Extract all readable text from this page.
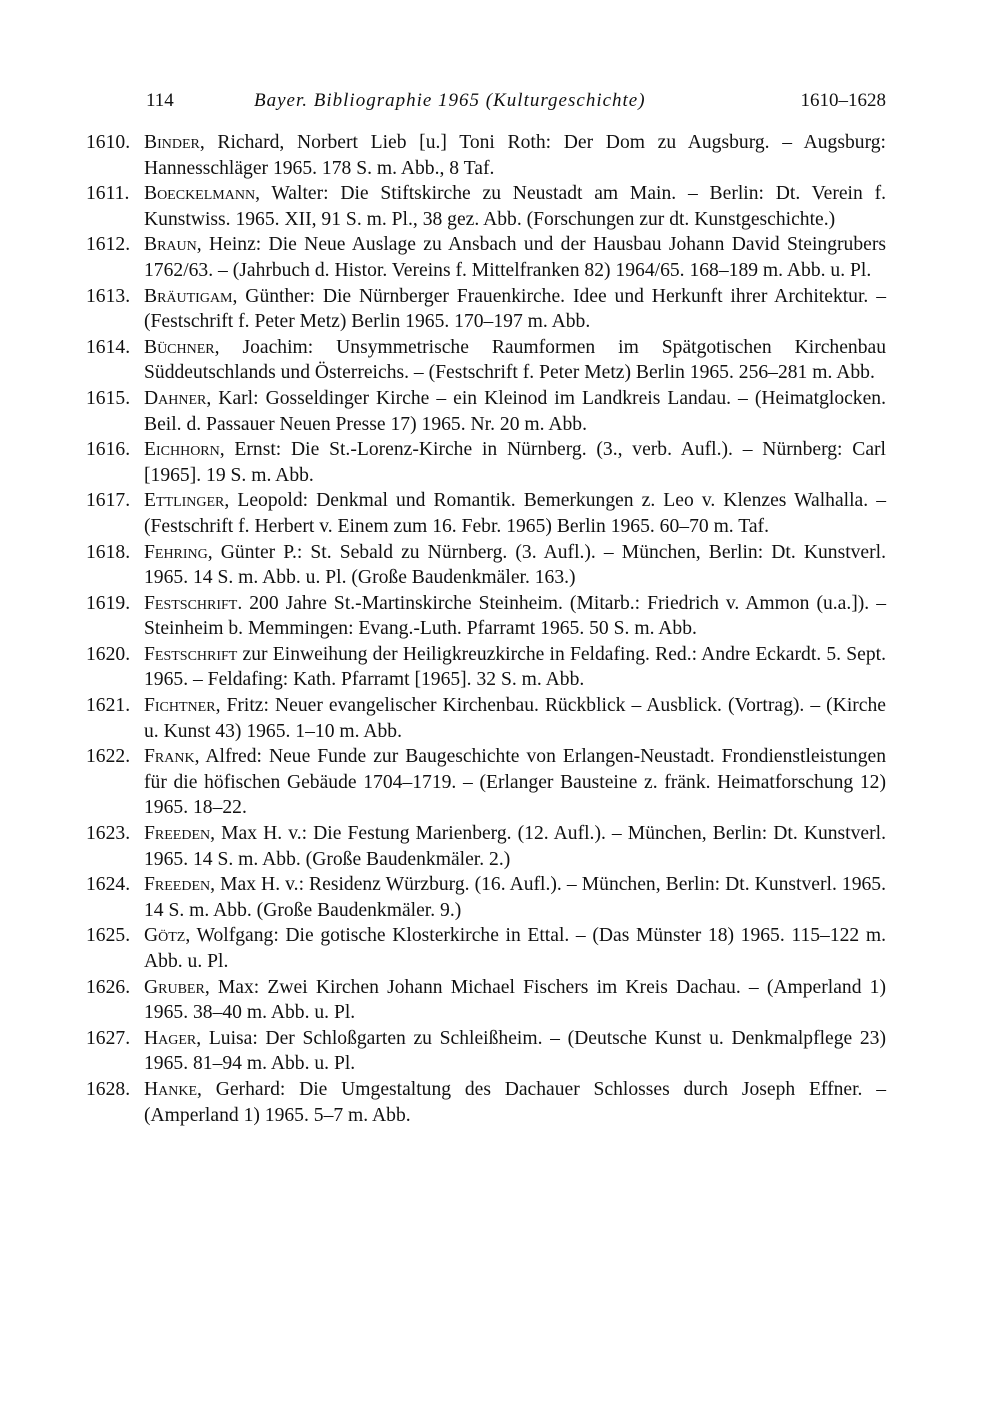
114	Bayer. Bibliographie 1965 (Kulturgeschichte)	1610–1628

1610. Binder, Richard, Norbert Lieb [u.] Toni Roth: Der Dom zu Augsburg. – Augsburg: Hannesschläger 1965. 178 S. m. Abb., 8 Taf.

1611. Boeckelmann, Walter: Die Stiftskirche zu Neustadt am Main. – Berlin: Dt. Verein f. Kunstwiss. 1965. XII, 91 S. m. Pl., 38 gez. Abb. (Forschungen zur dt. Kunstgeschichte.)

1612. Braun, Heinz: Die Neue Auslage zu Ansbach und der Hausbau Johann David Steingrubers 1762/63. – (Jahrbuch d. Histor. Vereins f. Mittelfranken 82) 1964/65. 168–189 m. Abb. u. Pl.

1613. Bräutigam, Günther: Die Nürnberger Frauenkirche. Idee und Herkunft ihrer Architektur. – (Festschrift f. Peter Metz) Berlin 1965. 170–197 m. Abb.

1614. Büchner, Joachim: Unsymmetrische Raumformen im Spätgotischen Kirchenbau Süddeutschlands und Österreichs. – (Festschrift f. Peter Metz) Berlin 1965. 256–281 m. Abb.

1615. Dahner, Karl: Gosseldinger Kirche – ein Kleinod im Landkreis Landau. – (Heimatglocken. Beil. d. Passauer Neuen Presse 17) 1965. Nr. 20 m. Abb.

1616. Eichhorn, Ernst: Die St.-Lorenz-Kirche in Nürnberg. (3., verb. Aufl.). – Nürnberg: Carl [1965]. 19 S. m. Abb.

1617. Ettlinger, Leopold: Denkmal und Romantik. Bemerkungen z. Leo v. Klenzes Walhalla. – (Festschrift f. Herbert v. Einem zum 16. Febr. 1965) Berlin 1965. 60–70 m. Taf.

1618. Fehring, Günter P.: St. Sebald zu Nürnberg. (3. Aufl.). – München, Berlin: Dt. Kunstverl. 1965. 14 S. m. Abb. u. Pl. (Große Baudenkmäler. 163.)

1619. Festschrift. 200 Jahre St.-Martinskirche Steinheim. (Mitarb.: Friedrich v. Ammon (u.a.]). – Steinheim b. Memmingen: Evang.-Luth. Pfarramt 1965. 50 S. m. Abb.

1620. Festschrift zur Einweihung der Heiligkreuzkirche in Feldafing. Red.: Andre Eckardt. 5. Sept. 1965. – Feldafing: Kath. Pfarramt [1965]. 32 S. m. Abb.

1621. Fichtner, Fritz: Neuer evangelischer Kirchenbau. Rückblick – Ausblick. (Vortrag). – (Kirche u. Kunst 43) 1965. 1–10 m. Abb.

1622. Frank, Alfred: Neue Funde zur Baugeschichte von Erlangen-Neustadt. Frondienstleistungen für die höfischen Gebäude 1704–1719. – (Erlanger Bausteine z. fränk. Heimatforschung 12) 1965. 18–22.

1623. Freeden, Max H. v.: Die Festung Marienberg. (12. Aufl.). – München, Berlin: Dt. Kunstverl. 1965. 14 S. m. Abb. (Große Baudenkmäler. 2.)

1624. Freeden, Max H. v.: Residenz Würzburg. (16. Aufl.). – München, Berlin: Dt. Kunstverl. 1965. 14 S. m. Abb. (Große Baudenkmäler. 9.)

1625. Götz, Wolfgang: Die gotische Klosterkirche in Ettal. – (Das Münster 18) 1965. 115–122 m. Abb. u. Pl.

1626. Gruber, Max: Zwei Kirchen Johann Michael Fischers im Kreis Dachau. – (Amperland 1) 1965. 38–40 m. Abb. u. Pl.

1627. Hager, Luisa: Der Schloßgarten zu Schleißheim. – (Deutsche Kunst u. Denkmalpflege 23) 1965. 81–94 m. Abb. u. Pl.

1628. Hanke, Gerhard: Die Umgestaltung des Dachauer Schlosses durch Joseph Effner. – (Amperland 1) 1965. 5–7 m. Abb.
